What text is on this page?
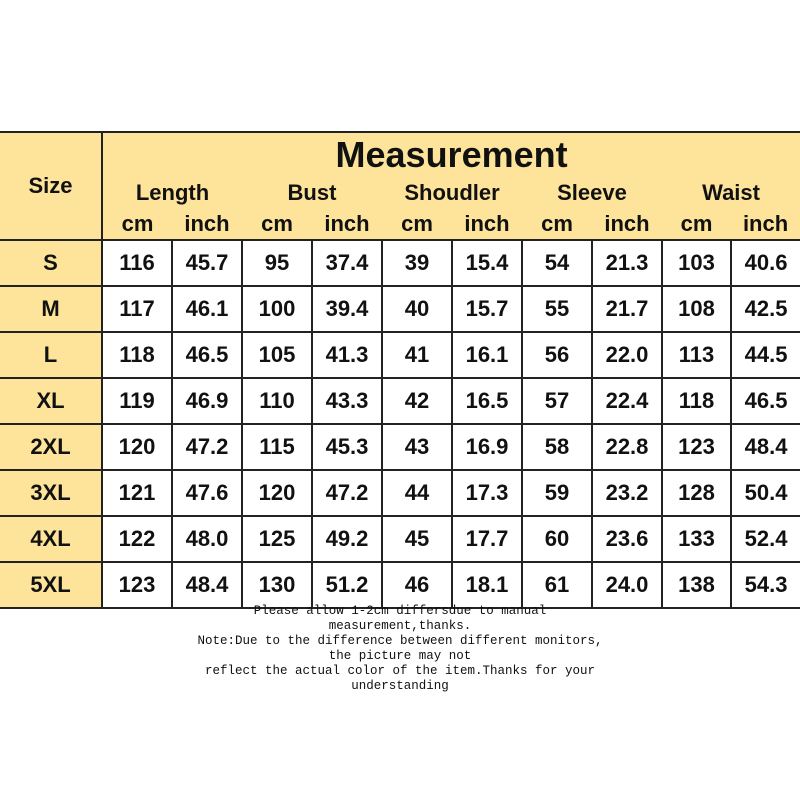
Size	Measurement									
	Length		Bust		Shoudler		Sleeve		Waist	
	cm	inch	cm	inch	cm	inch	cm	inch	cm	inch
S	116	45.7	95	37.4	39	15.4	54	21.3	103	40.6
M	117	46.1	100	39.4	40	15.7	55	21.7	108	42.5
L	118	46.5	105	41.3	41	16.1	56	22.0	113	44.5
XL	119	46.9	110	43.3	42	16.5	57	22.4	118	46.5
2XL	120	47.2	115	45.3	43	16.9	58	22.8	123	48.4
3XL	121	47.6	120	47.2	44	17.3	59	23.2	128	50.4
4XL	122	48.0	125	49.2	45	17.7	60	23.6	133	52.4
5XL	123	48.4	130	51.2	46	18.1	61	24.0	138	54.3
Please allow 1-2cm differsdue to manual
measurement,thanks.
Note:Due to the difference between different monitors,
the picture may not
reflect the actual color of the item.Thanks for your
understanding
